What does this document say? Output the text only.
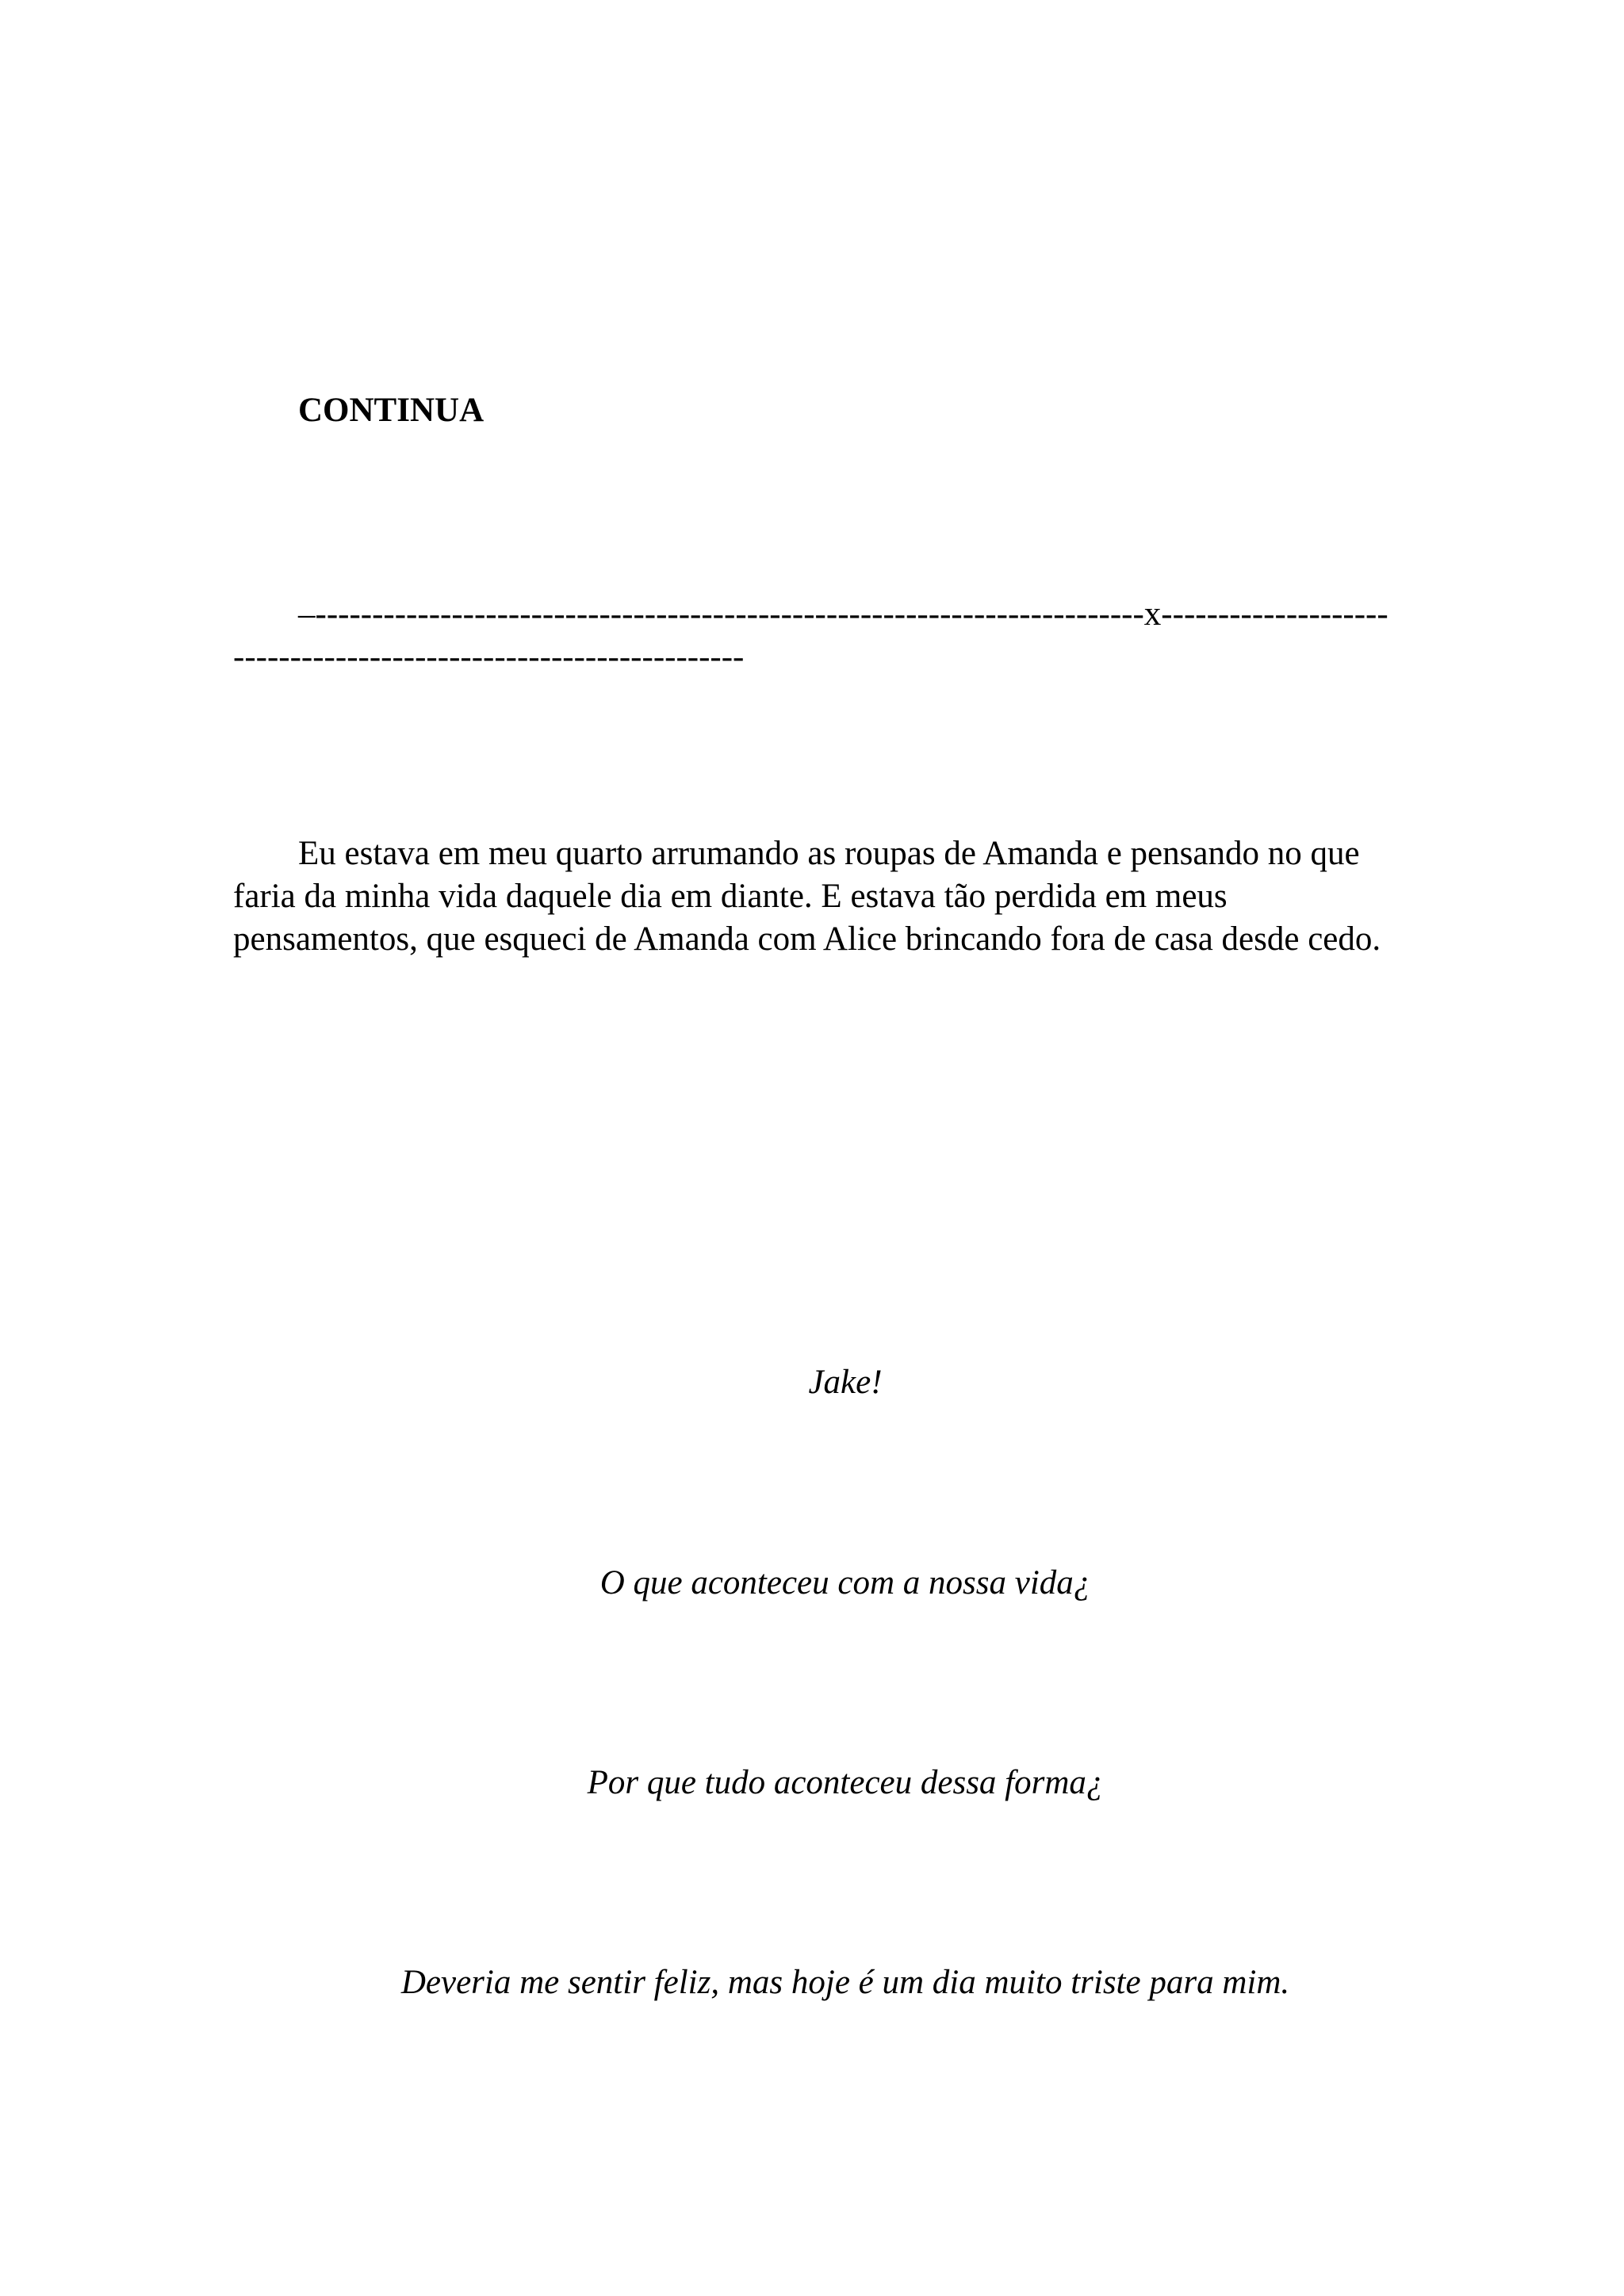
CONTINUA

–-------------------------------------------------------------------------x-----------------------------------------------------------------

Eu estava em meu quarto arrumando as roupas de Amanda e pensando no que faria da minha vida daquele dia em diante. E estava tão perdida em meus pensamentos, que esqueci de Amanda com Alice brincando fora de casa desde cedo.

Jake!

O que aconteceu com a nossa vida¿

Por que tudo aconteceu dessa forma¿

Deveria me sentir feliz, mas hoje é um dia muito triste para mim.
